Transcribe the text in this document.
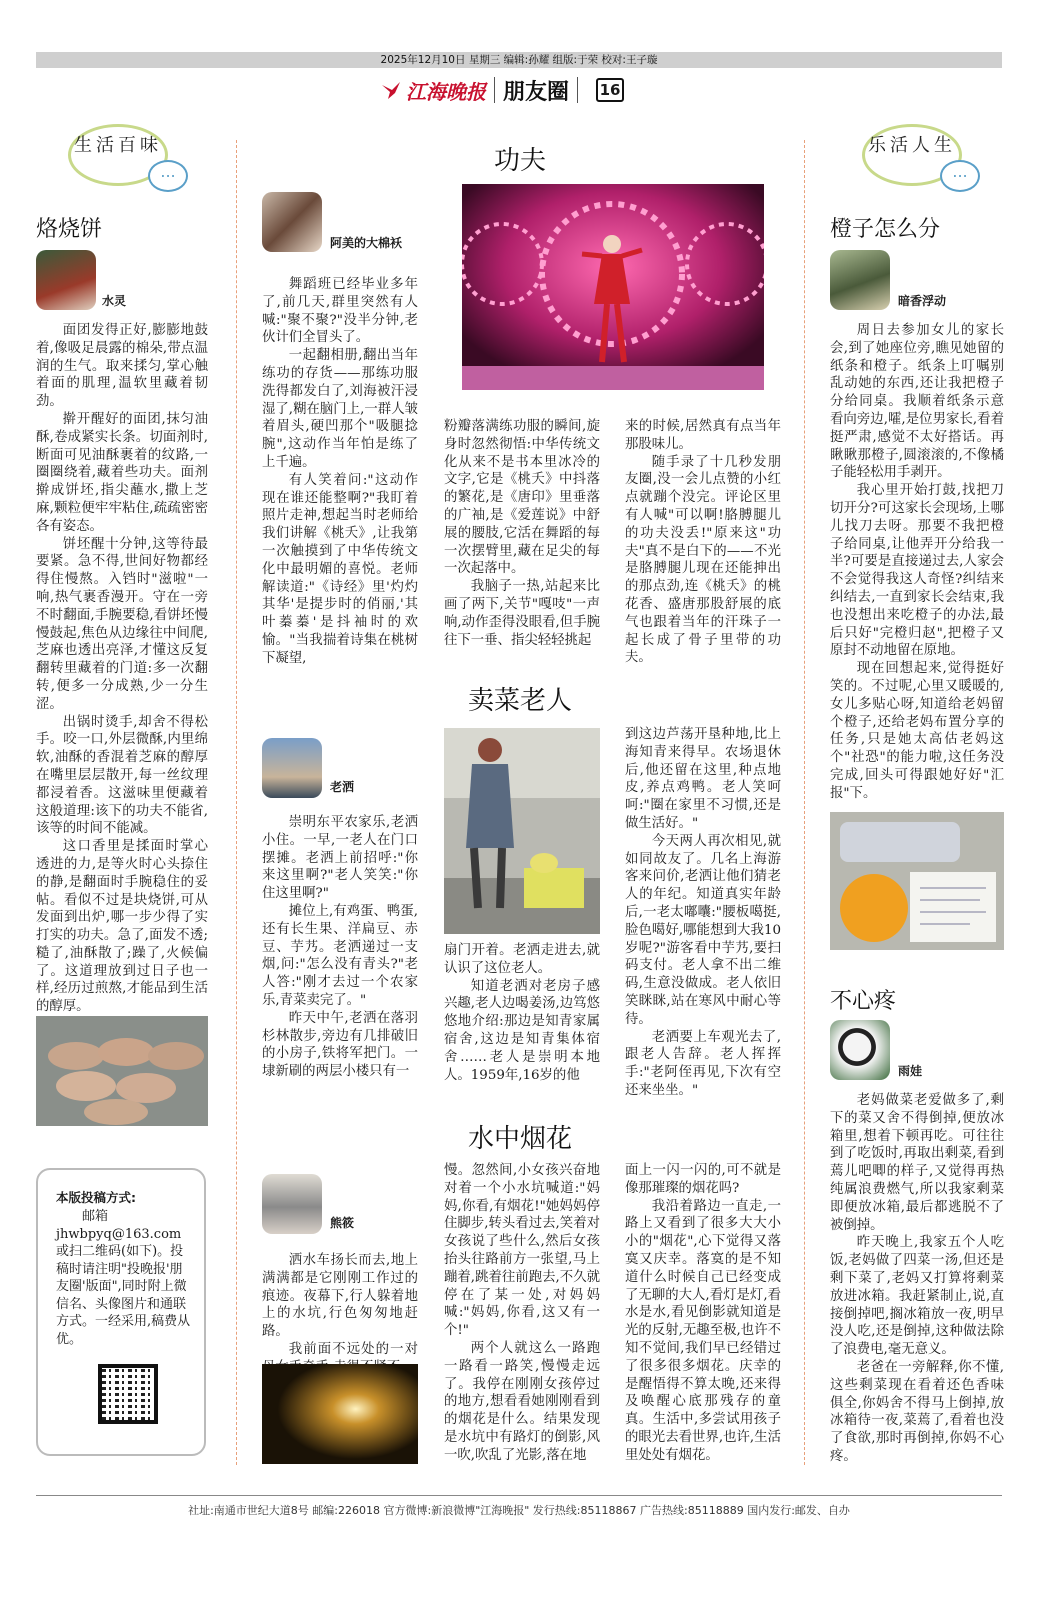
2025年12月10日 星期三 编辑:孙耀 组版:于荣 校对:王子璇
江海晚报 朋友圈 16
生活百味
...
乐活人生
...
烙烧饼
水灵

面团发得正好,膨膨地鼓着,像吸足晨露的棉朵,带点温润的生气。取来揉匀,掌心触着面的肌理,温软里藏着韧劲。

擀开醒好的面团,抹匀油酥,卷成紧实长条。切面剂时,断面可见油酥裹着的纹路,一圈圈绕着,藏着些功夫。面剂擀成饼坯,指尖蘸水,撒上芝麻,颗粒便牢牢粘住,疏疏密密各有姿态。

饼坯醒十分钟,这等待最要紧。急不得,世间好物都经得住慢熬。入铛时"滋啦"一响,热气裹香漫开。守在一旁不时翻面,手腕要稳,看饼坯慢慢鼓起,焦色从边缘往中间爬,芝麻也透出亮泽,才懂这反复翻转里藏着的门道:多一次翻转,便多一分成熟,少一分生涩。

出锅时烫手,却舍不得松手。咬一口,外层微酥,内里绵软,油酥的香混着芝麻的醇厚在嘴里层层散开,每一丝纹理都浸着香。这滋味里便藏着这般道理:该下的功夫不能省,该等的时间不能减。

这口香里是揉面时掌心透进的力,是等火时心头捺住的静,是翻面时手腕稳住的妥帖。看似不过是块烧饼,可从发面到出炉,哪一步少得了实打实的功夫。急了,面发不透;糙了,油酥散了;躁了,火候偏了。这道理放到过日子也一样,经历过煎熬,才能品到生活的醇厚。

本版投稿方式:
邮箱 jhwbpyq@163.com或扫二维码(如下)。投稿时请注明"投晚报'朋友圈'版面",同时附上微信名、头像图片和通联方式。一经采用,稿费从优。
功夫
阿美的大棉袄

舞蹈班已经毕业多年了,前几天,群里突然有人喊:"聚不聚?"没半分钟,老伙计们全冒头了。

一起翻相册,翻出当年练功的存货——那练功服洗得都发白了,刘海被汗浸湿了,糊在脑门上,一群人皱着眉头,硬凹那个"吸腿捻腕",这动作当年怕是练了上千遍。

有人笑着问:"这动作现在谁还能整啊?"我盯着照片走神,想起当时老师给我们讲解《桃夭》,让我第一次触摸到了中华传统文化中最明媚的喜悦。老师解读道:"《诗经》里'灼灼其华'是提步时的俏丽,'其叶蓁蓁'是抖袖时的欢愉。"当我揣着诗集在桃树下凝望,

粉瓣落满练功服的瞬间,旋身时忽然彻悟:中华传统文化从来不是书本里冰冷的文字,它是《桃夭》中抖落的繁花,是《唐印》里垂落的广袖,是《爱莲说》中舒展的腰肢,它活在舞蹈的每一次摆臂里,藏在足尖的每一次起落中。

我脑子一热,站起来比画了两下,关节"嘎吱"一声响,动作歪得没眼看,但手腕往下一垂、指尖轻轻挑起

来的时候,居然真有点当年那股味儿。

随手录了十几秒发朋友圈,没一会儿点赞的小红点就蹦个没完。评论区里有人喊"可以啊!胳膊腿儿的功夫没丢!"原来这"功夫"真不是白下的——不光是胳膊腿儿现在还能抻出的那点劲,连《桃夭》的桃花香、盛唐那股舒展的底气也跟着当年的汗珠子一起长成了骨子里带的功夫。

卖菜老人
老洒

崇明东平农家乐,老洒小住。一早,一老人在门口摆摊。老洒上前招呼:"你来这里啊?"老人笑笑:"你住这里啊?"

摊位上,有鸡蛋、鸭蛋,还有长生果、洋扁豆、赤豆、芋艿。老洒递过一支烟,问:"怎么没有青头?"老人答:"刚才去过一个农家乐,青菜卖完了。"

昨天中午,老洒在落羽杉林散步,旁边有几排破旧的小房子,铁将军把门。一埭新刷的两层小楼只有一

扇门开着。老洒走进去,就认识了这位老人。

知道老洒对老房子感兴趣,老人边喝姜汤,边笃悠悠地介绍:那边是知青家属宿舍,这边是知青集体宿舍……老人是崇明本地人。1959年,16岁的他

到这边芦荡开垦种地,比上海知青来得早。农场退休后,他还留在这里,种点地皮,养点鸡鸭。老人笑呵呵:"圈在家里不习惯,还是做生活好。"

今天两人再次相见,就如同故友了。几名上海游客来问价,老洒让他们猜老人的年纪。知道真实年龄后,一老太嘟囔:"腰板噶挺,脸色噶好,哪能想到大我10岁呢?"游客看中芋艿,要扫码支付。老人拿不出二维码,生意没做成。老人依旧笑眯眯,站在寒风中耐心等待。

老洒要上车观光去了,跟老人告辞。老人挥挥手:"老阿侄再见,下次有空还来坐坐。"

水中烟花
熊筱

洒水车扬长而去,地上满满都是它刚刚工作过的痕迹。夜幕下,行人躲着地上的水坑,行色匆匆地赶路。

我前面不远处的一对

慢。忽然间,小女孩兴奋地对着一个小水坑喊道:"妈妈,你看,有烟花!"她妈妈停住脚步,转头看过去,笑着对女孩说了些什么,然后女孩抬头往路前方一张望,马上蹦着,跳着往前跑去,不久就停在了某一处,对妈妈喊:"妈妈,你看,这又有一个!"

两个人就这么一路跑一路看一路笑,慢慢走远了。我停在刚刚女孩停过的地方,想看看她刚刚看到的烟花是什么。结果发现是水坑中有路灯的倒影,风一吹,吹乱了光影,落在地

面上一闪一闪的,可不就是像那璀璨的烟花吗?

我沿着路边一直走,一路上又看到了很多大大小小的"烟花",心下觉得又落寞又庆幸。落寞的是不知道什么时候自己已经变成了无聊的大人,看灯是灯,看水是水,看见倒影就知道是光的反射,无趣至极,也许不知不觉间,我们早已经错过了很多很多烟花。庆幸的是醒悟得不算太晚,还来得及唤醒心底那残存的童真。生活中,多尝试用孩子的眼光去看世界,也许,生活里处处有烟花。

橙子怎么分
暗香浮动

周日去参加女儿的家长会,到了她座位旁,瞧见她留的纸条和橙子。纸条上叮嘱别乱动她的东西,还让我把橙子分给同桌。我顺着纸条示意看向旁边,嚯,是位男家长,看着挺严肃,感觉不太好搭话。再瞅瞅那橙子,圆滚滚的,不像橘子能轻松用手剥开。

我心里开始打鼓,找把刀切开分?可这家长会现场,上哪儿找刀去呀。那要不我把橙子给同桌,让他弄开分给我一半?可要是直接递过去,人家会不会觉得我这人奇怪?纠结来纠结去,一直到家长会结束,我也没想出来吃橙子的办法,最后只好"完橙归赵",把橙子又原封不动地留在原地。

现在回想起来,觉得挺好笑的。不过呢,心里又暖暖的,女儿多贴心呀,知道给老妈留个橙子,还给老妈布置分享的任务,只是她太高估老妈这个"社恐"的能力啦,这任务没完成,回头可得跟她好好"汇报"下。

不心疼
雨娃

老妈做菜老爱做多了,剩下的菜又舍不得倒掉,便放冰箱里,想着下顿再吃。可往往到了吃饭时,再取出剩菜,看到蔫儿吧唧的样子,又觉得再热纯属浪费燃气,所以我家剩菜即便放冰箱,最后都逃脱不了被倒掉。

昨天晚上,我家五个人吃饭,老妈做了四菜一汤,但还是剩下菜了,老妈又打算将剩菜放进冰箱。我赶紧制止,说,直接倒掉吧,搁冰箱放一夜,明早没人吃,还是倒掉,这种做法除了浪费电,毫无意义。

老爸在一旁解释,你不懂,这些剩菜现在看着还色香味俱全,你妈舍不得马上倒掉,放冰箱待一夜,菜蔫了,看着也没了食欲,那时再倒掉,你妈不心疼。

社址:南通市世纪大道8号 邮编:226018 官方微博:新浪微博"江海晚报" 发行热线:85118867 广告热线:85118889 国内发行:邮发、自办
